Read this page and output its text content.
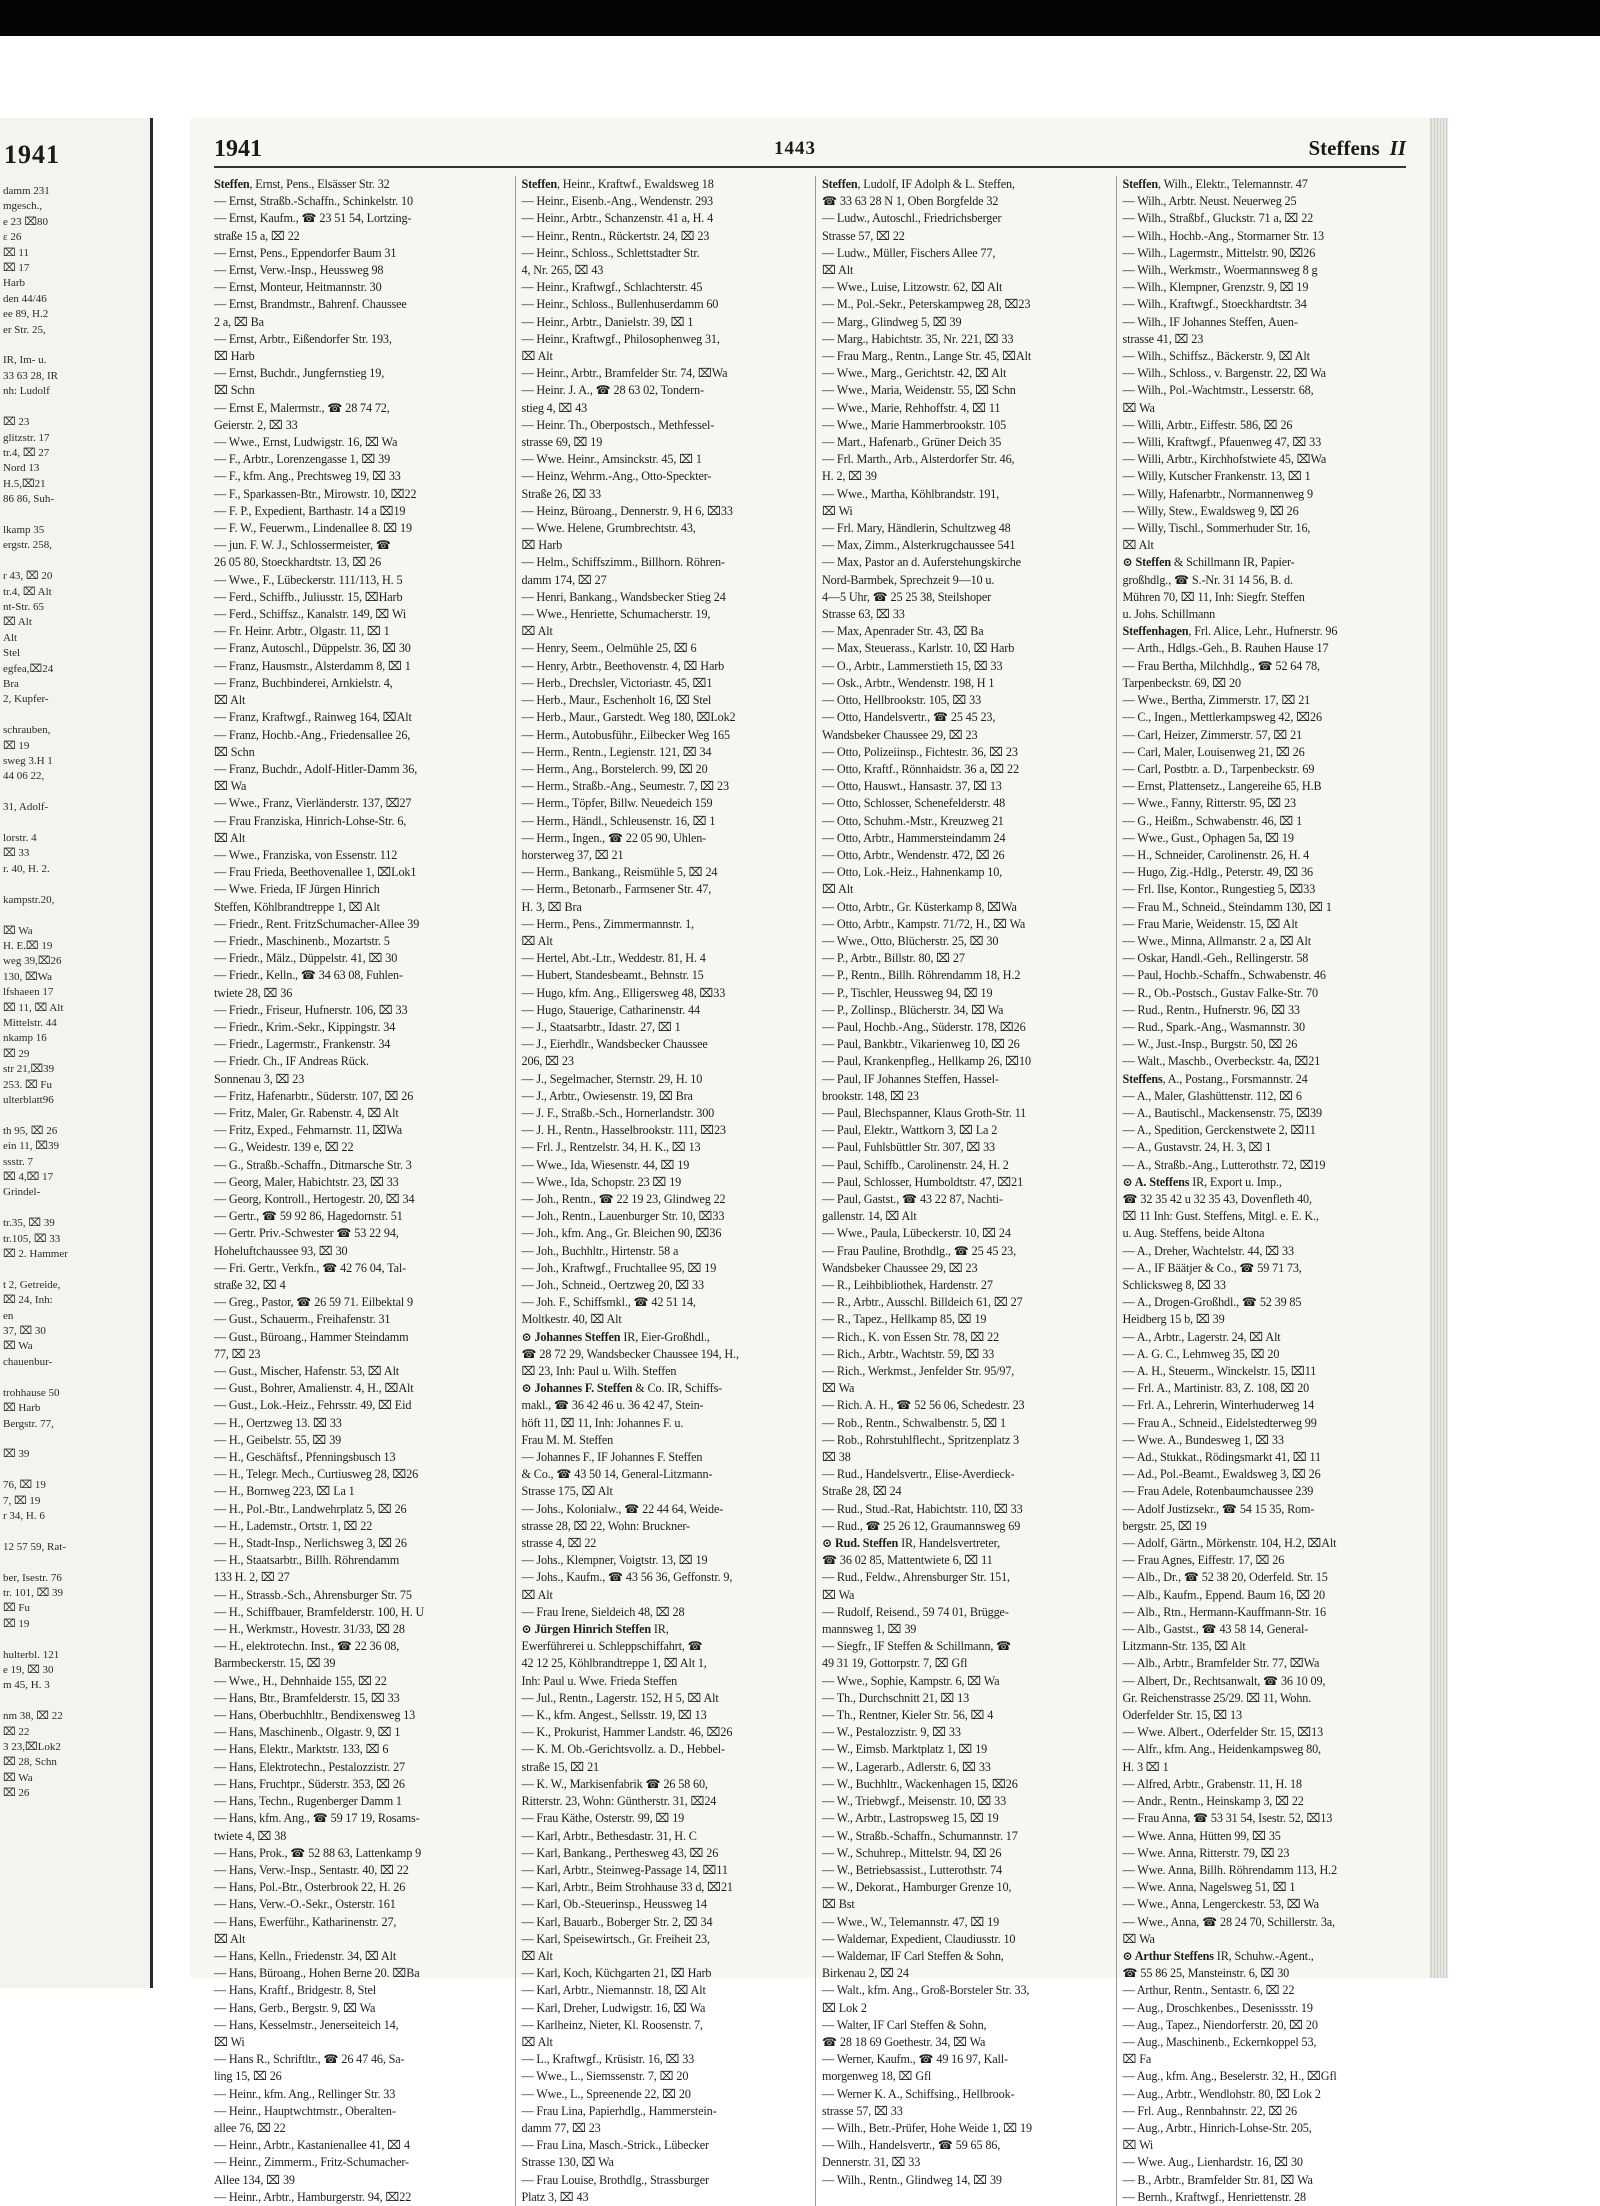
1941
damm 231
mgesch.,
e 23 ⌧80
ε 26
⌧ 11
⌧ 17
Harb
den 44/46
ee 89, H.2
er Str. 25,

IR, Im- u.
33 63 28, IR
nh: Ludolf

⌧ 23
glitzstr. 17
tr.4, ⌧ 27
Nord 13
H.5,⌧21
86 86, Suh-

lkamp 35
ergstr. 258,

r 43, ⌧ 20
tr.4, ⌧ Alt
nt-Str. 65
⌧ Alt
Alt
Stel
egfea,⌧24
Bra
2, Kupfer-

schrauben,
⌧ 19
sweg 3.H 1
44 06 22,

31, Adolf-

lorstr. 4
⌧ 33
r. 40, H. 2.

kampstr.20,

⌧ Wa
H. E.⌧ 19
weg 39,⌧26
130, ⌧Wa
lfshaeen 17
⌧ 11, ⌧ Alt
Mittelstr. 44
nkamp 16
⌧ 29
str 21,⌧39
253. ⌧ Fu
ulterblatt96

th 95, ⌧ 26
ein 11, ⌧39
ssstr. 7
⌧ 4,⌧ 17
Grindel-

tr.35, ⌧ 39
tr.105, ⌧ 33
⌧ 2. Hammer

t 2, Getreide,
⌧ 24, Inh:
en
37, ⌧ 30
⌧ Wa
chauenbur-

trohhause 50
⌧ Harb
Bergstr. 77,

⌧ 39

76, ⌧ 19
7, ⌧ 19
r 34, H. 6

12 57 59, Rat-

ber, Isestr. 76
tr. 101, ⌧ 39
⌧ Fu
⌧ 19

hulterbl. 121
e 19, ⌧ 30
m 45, H. 3

nm 38, ⌧ 22
⌧ 22
3 23,⌧Lok2
⌧ 28, Schn
⌧ Wa
⌧ 26
1941	1443	Steffens II
Steffen, Ernst, Pens., Elsässer Str. 32
— Ernst, Straßb.-Schaffn., Schinkelstr. 10
— Ernst, Kaufm., ☎ 23 51 54, Lortzing-
straße 15 a, ⌧ 22
— Ernst, Pens., Eppendorfer Baum 31
— Ernst, Verw.-Insp., Heussweg 98
— Ernst, Monteur, Heitmannstr. 30
— Ernst, Brandmstr., Bahrenf. Chaussee
2 a, ⌧ Ba
— Ernst, Arbtr., Eißendorfer Str. 193,
⌧ Harb
— Ernst, Buchdr., Jungfernstieg 19,
⌧ Schn
— Ernst E, Malermstr., ☎ 28 74 72,
Geierstr. 2, ⌧ 33
— Wwe., Ernst, Ludwigstr. 16, ⌧ Wa
— F., Arbtr., Lorenzengasse 1, ⌧ 39
— F., kfm. Ang., Prechtsweg 19, ⌧ 33
— F., Sparkassen-Btr., Mirowstr. 10, ⌧22
— F. P., Expedient, Barthastr. 14 a ⌧19
— F. W., Feuerwm., Lindenallee 8. ⌧ 19
— jun. F. W. J., Schlossermeister, ☎
26 05 80, Stoeckhardtstr. 13, ⌧ 26
— Wwe., F., Lübeckerstr. 111/113, H. 5
— Ferd., Schiffb., Juliusstr. 15, ⌧Harb
— Ferd., Schiffsz., Kanalstr. 149, ⌧ Wi
— Fr. Heinr. Arbtr., Olgastr. 11, ⌧ 1
— Franz, Autoschl., Düppelstr. 36, ⌧ 30
— Franz, Hausmstr., Alsterdamm 8, ⌧ 1
— Franz, Buchbinderei, Arnkielstr. 4,
⌧ Alt
— Franz, Kraftwgf., Rainweg 164, ⌧Alt
— Franz, Hochb.-Ang., Friedensallee 26,
⌧ Schn
— Franz, Buchdr., Adolf-Hitler-Damm 36,
⌧ Wa
— Wwe., Franz, Vierländerstr. 137, ⌧27
— Frau Franziska, Hinrich-Lohse-Str. 6,
⌧ Alt
— Wwe., Franziska, von Essenstr. 112
— Frau Frieda, Beethovenallee 1, ⌧Lok1
— Wwe. Frieda, IF Jürgen Hinrich
Steffen, Köhlbrandtreppe 1, ⌧ Alt
— Friedr., Rent. FritzSchumacher-Allee 39
— Friedr., Maschinenb., Mozartstr. 5
— Friedr., Mälz., Düppelstr. 41, ⌧ 30
— Friedr., Kelln., ☎ 34 63 08, Fuhlen-
twiete 28, ⌧ 36
— Friedr., Friseur, Hufnerstr. 106, ⌧ 33
— Friedr., Krim.-Sekr., Kippingstr. 34
— Friedr., Lagermstr., Frankenstr. 34
— Friedr. Ch., IF Andreas Rück.
Sonnenau 3, ⌧ 23
— Fritz, Hafenarbtr., Süderstr. 107, ⌧ 26
— Fritz, Maler, Gr. Rabenstr. 4, ⌧ Alt
— Fritz, Exped., Fehmarnstr. 11, ⌧Wa
— G., Weidestr. 139 e, ⌧ 22
— G., Straßb.-Schaffn., Ditmarsche Str. 3
— Georg, Maler, Habichtstr. 23, ⌧ 33
— Georg, Kontroll., Hertogestr. 20, ⌧ 34
— Gertr., ☎ 59 92 86, Hagedornstr. 51
— Gertr. Priv.-Schwester ☎ 53 22 94,
Hoheluftchaussee 93, ⌧ 30
— Fri. Gertr., Verkfn., ☎ 42 76 04, Tal-
straße 32, ⌧ 4
— Greg., Pastor, ☎ 26 59 71. Eilbektal 9
— Gust., Schauerm., Freihafenstr. 31
— Gust., Büroang., Hammer Steindamm
77, ⌧ 23
— Gust., Mischer, Hafenstr. 53, ⌧ Alt
— Gust., Bohrer, Amalienstr. 4, H., ⌧Alt
— Gust., Lok.-Heiz., Fehrsstr. 49, ⌧ Eid
— H., Oertzweg 13. ⌧ 33
— H., Geibelstr. 55, ⌧ 39
— H., Geschäftsf., Pfenningsbusch 13
— H., Telegr. Mech., Curtiusweg 28, ⌧26
— H., Bornweg 223, ⌧ La 1
— H., Pol.-Btr., Landwehrplatz 5, ⌧ 26
— H., Lademstr., Ortstr. 1, ⌧ 22
— H., Stadt-Insp., Nerlichsweg 3, ⌧ 26
— H., Staatsarbtr., Billh. Röhrendamm
133 H. 2, ⌧ 27
— H., Strassb.-Sch., Ahrensburger Str. 75
— H., Schiffbauer, Bramfelderstr. 100, H. U
— H., Werkmstr., Hovestr. 31/33, ⌧ 28
— H., elektrotechn. Inst., ☎ 22 36 08,
Barmbeckerstr. 15, ⌧ 39
— Wwe., H., Dehnhaide 155, ⌧ 22
— Hans, Btr., Bramfelderstr. 15, ⌧ 33
— Hans, Oberbuchhltr., Bendixensweg 13
— Hans, Maschinenb., Olgastr. 9, ⌧ 1
— Hans, Elektr., Marktstr. 133, ⌧ 6
— Hans, Elektrotechn., Pestalozzistr. 27
— Hans, Fruchtpr., Süderstr. 353, ⌧ 26
— Hans, Techn., Rugenberger Damm 1
— Hans, kfm. Ang., ☎ 59 17 19, Rosams-
twiete 4, ⌧ 38
— Hans, Prok., ☎ 52 88 63, Lattenkamp 9
— Hans, Verw.-Insp., Sentastr. 40, ⌧ 22
— Hans, Pol.-Btr., Osterbrook 22, H. 26
— Hans, Verw.-O.-Sekr., Osterstr. 161
— Hans, Ewerführ., Katharinenstr. 27,
⌧ Alt
— Hans, Kelln., Friedenstr. 34, ⌧ Alt
— Hans, Büroang., Hohen Berne 20. ⌧Ba
— Hans, Kraftf., Bridgestr. 8, Stel
— Hans, Gerb., Bergstr. 9, ⌧ Wa
— Hans, Kesselmstr., Jenerseiteich 14,
⌧ Wi
— Hans R., Schriftltr., ☎ 26 47 46, Sa-
ling 15, ⌧ 26
— Heinr., kfm. Ang., Rellinger Str. 33
— Heinr., Hauptwchtmstr., Oberalten-
allee 76, ⌧ 22
— Heinr., Arbtr., Kastanienallee 41, ⌧ 4
— Heinr., Zimmerm., Fritz-Schumacher-
Allee 134, ⌧ 39
— Heinr., Arbtr., Hamburgerstr. 94, ⌧22
Steffen, Heinr., Kraftwf., Ewaldsweg 18
— Heinr., Eisenb.-Ang., Wendenstr. 293
— Heinr., Arbtr., Schanzenstr. 41 a, H. 4
— Heinr., Rentn., Rückertstr. 24, ⌧ 23
— Heinr., Schloss., Schlettstadter Str.
4, Nr. 265, ⌧ 43
— Heinr., Kraftwgf., Schlachterstr. 45
— Heinr., Schloss., Bullenhuserdamm 60
— Heinr., Arbtr., Danielstr. 39, ⌧ 1
— Heinr., Kraftwgf., Philosophenweg 31,
⌧ Alt
— Heinr., Arbtr., Bramfelder Str. 74, ⌧Wa
— Heinr. J. A., ☎ 28 63 02, Tondern-
stieg 4, ⌧ 43
— Heinr. Th., Oberpostsch., Methfessel-
strasse 69, ⌧ 19
— Wwe. Heinr., Amsinckstr. 45, ⌧ 1
— Heinz, Wehrm.-Ang., Otto-Speckter-
Straße 26, ⌧ 33
— Heinz, Büroang., Dennerstr. 9, H 6, ⌧33
— Wwe. Helene, Grumbrechtstr. 43,
⌧ Harb
— Helm., Schiffszimm., Billhorn. Röhren-
damm 174, ⌧ 27
— Henri, Bankang., Wandsbecker Stieg 24
— Wwe., Henriette, Schumacherstr. 19,
⌧ Alt
— Henry, Seem., Oelmühle 25, ⌧ 6
— Henry, Arbtr., Beethovenstr. 4, ⌧ Harb
— Herb., Drechsler, Victoriastr. 45, ⌧1
— Herb., Maur., Eschenholt 16, ⌧ Stel
— Herb., Maur., Garstedt. Weg 180, ⌧Lok2
— Herm., Autobusführ., Eilbecker Weg 165
— Herm., Rentn., Legienstr. 121, ⌧ 34
— Herm., Ang., Borstelerch. 99, ⌧ 20
— Herm., Straßb.-Ang., Seumestr. 7, ⌧ 23
— Herm., Töpfer, Billw. Neuedeich 159
— Herm., Händl., Schleusenstr. 16, ⌧ 1
— Herm., Ingen., ☎ 22 05 90, Uhlen-
horsterweg 37, ⌧ 21
— Herm., Bankang., Reismühle 5, ⌧ 24
— Herm., Betonarb., Farmsener Str. 47,
H. 3, ⌧ Bra
— Herm., Pens., Zimmermannstr. 1,
⌧ Alt
— Hertel, Abt.-Ltr., Weddestr. 81, H. 4
— Hubert, Standesbeamt., Behnstr. 15
— Hugo, kfm. Ang., Elligersweg 48, ⌧33
— Hugo, Stauerige, Catharinenstr. 44
— J., Staatsarbtr., Idastr. 27, ⌧ 1
— J., Eierhdlr., Wandsbecker Chaussee
206, ⌧ 23
— J., Segelmacher, Sternstr. 29, H. 10
— J., Arbtr., Owiesenstr. 19, ⌧ Bra
— J. F., Straßb.-Sch., Hornerlandstr. 300
— J. H., Rentn., Hasselbrookstr. 111, ⌧23
— Frl. J., Rentzelstr. 34, H. K., ⌧ 13
— Wwe., Ida, Wiesenstr. 44, ⌧ 19
— Wwe., Ida, Schopstr. 23 ⌧ 19
— Joh., Rentn., ☎ 22 19 23, Glindweg 22
— Joh., Rentn., Lauenburger Str. 10, ⌧33
— Joh., kfm. Ang., Gr. Bleichen 90, ⌧36
— Joh., Buchhltr., Hirtenstr. 58 a
— Joh., Kraftwgf., Fruchtallee 95, ⌧ 19
— Joh., Schneid., Oertzweg 20, ⌧ 33
— Joh. F., Schiffsmkl., ☎ 42 51 14,
Moltkestr. 40, ⌧ Alt
⊙ Johannes Steffen IR, Eier-Großhdl.,
☎ 28 72 29, Wandsbecker Chaussee 194, H.,
⌧ 23, Inh: Paul u. Wilh. Steffen
⊙ Johannes F. Steffen & Co. IR, Schiffs-
makl., ☎ 36 42 46 u. 36 42 47, Stein-
höft 11, ⌧ 11, Inh: Johannes F. u.
Frau M. M. Steffen
— Johannes F., IF Johannes F. Steffen
& Co., ☎ 43 50 14, General-Litzmann-
Strasse 175, ⌧ Alt
— Johs., Kolonialw., ☎ 22 44 64, Weide-
strasse 28, ⌧ 22, Wohn: Bruckner-
strasse 4, ⌧ 22
— Johs., Klempner, Voigtstr. 13, ⌧ 19
— Johs., Kaufm., ☎ 43 56 36, Geffonstr. 9,
⌧ Alt
— Frau Irene, Sieldeich 48, ⌧ 28
⊙ Jürgen Hinrich Steffen IR,
Ewerführerei u. Schleppschiffahrt, ☎
42 12 25, Köhlbrandtreppe 1, ⌧ Alt 1,
Inh: Paul u. Wwe. Frieda Steffen
— Jul., Rentn., Lagerstr. 152, H 5, ⌧ Alt
— K., kfm. Angest., Sellsstr. 19, ⌧ 13
— K., Prokurist, Hammer Landstr. 46, ⌧26
— K. M. Ob.-Gerichtsvollz. a. D., Hebbel-
straße 15, ⌧ 21
— K. W., Markisenfabrik ☎ 26 58 60,
Ritterstr. 23, Wohn: Güntherstr. 31, ⌧24
— Frau Käthe, Osterstr. 99, ⌧ 19
— Karl, Arbtr., Bethesdastr. 31, H. C
— Karl, Bankang., Perthesweg 43, ⌧ 26
— Karl, Arbtr., Steinweg-Passage 14, ⌧11
— Karl, Arbtr., Beim Strohhause 33 d, ⌧21
— Karl, Ob.-Steuerinsp., Heussweg 14
— Karl, Bauarb., Boberger Str. 2, ⌧ 34
— Karl, Speisewirtsch., Gr. Freiheit 23,
⌧ Alt
— Karl, Koch, Küchgarten 21, ⌧ Harb
— Karl, Arbtr., Niemannstr. 18, ⌧ Alt
— Karl, Dreher, Ludwigstr. 16, ⌧ Wa
— Karlheinz, Nieter, Kl. Roosenstr. 7,
⌧ Alt
— L., Kraftwgf., Krüsistr. 16, ⌧ 33
— Wwe., L., Siemssenstr. 7, ⌧ 20
— Wwe., L., Spreenende 22, ⌧ 20
— Frau Lina, Papierhdlg., Hammerstein-
damm 77, ⌧ 23
— Frau Lina, Masch.-Strick., Lübecker
Strasse 130, ⌧ Wa
— Frau Louise, Brothdlg., Strassburger
Platz 3, ⌧ 43
Steffen, Ludolf, IF Adolph & L. Steffen,
☎ 33 63 28 N 1, Oben Borgfelde 32
— Ludw., Autoschl., Friedrichsberger
Strasse 57, ⌧ 22
— Ludw., Müller, Fischers Allee 77,
⌧ Alt
— Wwe., Luise, Litzowstr. 62, ⌧ Alt
— M., Pol.-Sekr., Peterskampweg 28, ⌧23
— Marg., Glindweg 5, ⌧ 39
— Marg., Habichtstr. 35, Nr. 221, ⌧ 33
— Frau Marg., Rentn., Lange Str. 45, ⌧Alt
— Wwe., Marg., Gerichtstr. 42, ⌧ Alt
— Wwe., Maria, Weidenstr. 55, ⌧ Schn
— Wwe., Marie, Rehhoffstr. 4, ⌧ 11
— Wwe., Marie Hammerbrookstr. 105
— Mart., Hafenarb., Grüner Deich 35
— Frl. Marth., Arb., Alsterdorfer Str. 46,
H. 2, ⌧ 39
— Wwe., Martha, Köhlbrandstr. 191,
⌧ Wi
— Frl. Mary, Händlerin, Schultzweg 48
— Max, Zimm., Alsterkrugchaussee 541
— Max, Pastor an d. Auferstehungskirche
Nord-Barmbek, Sprechzeit 9—10 u.
4—5 Uhr, ☎ 25 25 38, Steilshoper
Strasse 63, ⌧ 33
— Max, Apenrader Str. 43, ⌧ Ba
— Max, Steuerass., Karlstr. 10, ⌧ Harb
— O., Arbtr., Lammerstieth 15, ⌧ 33
— Osk., Arbtr., Wendenstr. 198, H 1
— Otto, Hellbrookstr. 105, ⌧ 33
— Otto, Handelsvertr., ☎ 25 45 23,
Wandsbeker Chaussee 29, ⌧ 23
— Otto, Polizeiinsp., Fichtestr. 36, ⌧ 23
— Otto, Kraftf., Rönnhaidstr. 36 a, ⌧ 22
— Otto, Hauswt., Hansastr. 37, ⌧ 13
— Otto, Schlosser, Schenefelderstr. 48
— Otto, Schuhm.-Mstr., Kreuzweg 21
— Otto, Arbtr., Hammersteindamm 24
— Otto, Arbtr., Wendenstr. 472, ⌧ 26
— Otto, Lok.-Heiz., Hahnenkamp 10,
⌧ Alt
— Otto, Arbtr., Gr. Küsterkamp 8, ⌧Wa
— Otto, Arbtr., Kampstr. 71/72, H., ⌧ Wa
— Wwe., Otto, Blücherstr. 25, ⌧ 30
— P., Arbtr., Billstr. 80, ⌧ 27
— P., Rentn., Billh. Röhrendamm 18, H.2
— P., Tischler, Heussweg 94, ⌧ 19
— P., Zollinsp., Blücherstr. 34, ⌧ Wa
— Paul, Hochb.-Ang., Süderstr. 178, ⌧26
— Paul, Bankbtr., Vikarienweg 10, ⌧ 26
— Paul, Krankenpfleg., Hellkamp 26, ⌧10
— Paul, IF Johannes Steffen, Hassel-
brookstr. 148, ⌧ 23
— Paul, Blechspanner, Klaus Groth-Str. 11
— Paul, Elektr., Wattkorn 3, ⌧ La 2
— Paul, Fuhlsbüttler Str. 307, ⌧ 33
— Paul, Schiffb., Carolinenstr. 24, H. 2
— Paul, Schlosser, Humboldtstr. 47, ⌧21
— Paul, Gastst., ☎ 43 22 87, Nachti-
gallenstr. 14, ⌧ Alt
— Wwe., Paula, Lübeckerstr. 10, ⌧ 24
— Frau Pauline, Brothdlg., ☎ 25 45 23,
Wandsbeker Chaussee 29, ⌧ 23
— R., Leihbibliothek, Hardenstr. 27
— R., Arbtr., Ausschl. Billdeich 61, ⌧ 27
— R., Tapez., Hellkamp 85, ⌧ 19
— Rich., K. von Essen Str. 78, ⌧ 22
— Rich., Arbtr., Wachtstr. 59, ⌧ 33
— Rich., Werkmst., Jenfelder Str. 95/97,
⌧ Wa
— Rich. A. H., ☎ 52 56 06, Schedestr. 23
— Rob., Rentn., Schwalbenstr. 5, ⌧ 1
— Rob., Rohrstuhlflecht., Spritzenplatz 3
⌧ 38
— Rud., Handelsvertr., Elise-Averdieck-
Straße 28, ⌧ 24
— Rud., Stud.-Rat, Habichtstr. 110, ⌧ 33
— Rud., ☎ 25 26 12, Graumannsweg 69
⊙ Rud. Steffen IR, Handelsvertreter,
☎ 36 02 85, Mattentwiete 6, ⌧ 11
— Rud., Feldw., Ahrensburger Str. 151,
⌧ Wa
— Rudolf, Reisend., 59 74 01, Brügge-
mannsweg 1, ⌧ 39
— Siegfr., IF Steffen & Schillmann, ☎
49 31 19, Gottorpstr. 7, ⌧ Gfl
— Wwe., Sophie, Kampstr. 6, ⌧ Wa
— Th., Durchschnitt 21, ⌧ 13
— Th., Rentner, Kieler Str. 56, ⌧ 4
— W., Pestalozzistr. 9, ⌧ 33
— W., Eimsb. Marktplatz 1, ⌧ 19
— W., Lagerarb., Adlerstr. 6, ⌧ 33
— W., Buchhltr., Wackenhagen 15, ⌧26
— W., Triebwgf., Meisenstr. 10, ⌧ 33
— W., Arbtr., Lastropsweg 15, ⌧ 19
— W., Straßb.-Schaffn., Schumannstr. 17
— W., Schuhrep., Mittelstr. 94, ⌧ 26
— W., Betriebsassist., Lutterothstr. 74
— W., Dekorat., Hamburger Grenze 10,
⌧ Bst
— Wwe., W., Telemannstr. 47, ⌧ 19
— Waldemar, Expedient, Claudiusstr. 10
— Waldemar, IF Carl Steffen & Sohn,
Birkenau 2, ⌧ 24
— Walt., kfm. Ang., Groß-Borsteler Str. 33,
⌧ Lok 2
— Walter, IF Carl Steffen & Sohn,
☎ 28 18 69 Goethestr. 34, ⌧ Wa
— Werner, Kaufm., ☎ 49 16 97, Kall-
morgenweg 18, ⌧ Gfl
— Werner K. A., Schiffsing., Hellbrook-
strasse 57, ⌧ 33
— Wilh., Betr.-Prüfer, Hohe Weide 1, ⌧ 19
— Wilh., Handelsvertr., ☎ 59 65 86,
Dennerstr. 31, ⌧ 33
— Wilh., Rentn., Glindweg 14, ⌧ 39
Steffen, Wilh., Elektr., Telemannstr. 47
— Wilh., Arbtr. Neust. Neuerweg 25
— Wilh., Straßbf., Gluckstr. 71 a, ⌧ 22
— Wilh., Hochb.-Ang., Stormarner Str. 13
— Wilh., Lagermstr., Mittelstr. 90, ⌧26
— Wilh., Werkmstr., Woermannsweg 8 g
— Wilh., Klempner, Grenzstr. 9, ⌧ 19
— Wilh., Kraftwgf., Stoeckhardtstr. 34
— Wilh., IF Johannes Steffen, Auen-
strasse 41, ⌧ 23
— Wilh., Schiffsz., Bäckerstr. 9, ⌧ Alt
— Wilh., Schloss., v. Bargenstr. 22, ⌧ Wa
— Wilh., Pol.-Wachtmstr., Lesserstr. 68,
⌧ Wa
— Willi, Arbtr., Eiffestr. 586, ⌧ 26
— Willi, Kraftwgf., Pfauenweg 47, ⌧ 33
— Willi, Arbtr., Kirchhofstwiete 45, ⌧Wa
— Willy, Kutscher Frankenstr. 13, ⌧ 1
— Willy, Hafenarbtr., Normannenweg 9
— Willy, Stew., Ewaldsweg 9, ⌧ 26
— Willy, Tischl., Sommerhuder Str. 16,
⌧ Alt
⊙ Steffen & Schillmann IR, Papier-
großhdlg., ☎ S.-Nr. 31 14 56, B. d.
Mühren 70, ⌧ 11, Inh: Siegfr. Steffen
u. Johs. Schillmann
Steffenhagen, Frl. Alice, Lehr., Hufnerstr. 96
— Arth., Hdlgs.-Geh., B. Rauhen Hause 17
— Frau Bertha, Milchhdlg., ☎ 52 64 78,
Tarpenbeckstr. 69, ⌧ 20
— Wwe., Bertha, Zimmerstr. 17, ⌧ 21
— C., Ingen., Mettlerkampsweg 42, ⌧26
— Carl, Heizer, Zimmerstr. 57, ⌧ 21
— Carl, Maler, Louisenweg 21, ⌧ 26
— Carl, Postbtr. a. D., Tarpenbeckstr. 69
— Ernst, Plattensetz., Langereihe 65, H.B
— Wwe., Fanny, Ritterstr. 95, ⌧ 23
— G., Heißm., Schwabenstr. 46, ⌧ 1
— Wwe., Gust., Ophagen 5a, ⌧ 19
— H., Schneider, Carolinenstr. 26, H. 4
— Hugo, Zig.-Hdlg., Peterstr. 49, ⌧ 36
— Frl. Ilse, Kontor., Rungestieg 5, ⌧33
— Frau M., Schneid., Steindamm 130, ⌧ 1
— Frau Marie, Weidenstr. 15, ⌧ Alt
— Wwe., Minna, Allmanstr. 2 a, ⌧ Alt
— Oskar, Handl.-Geh., Rellingerstr. 58
— Paul, Hochb.-Schaffn., Schwabenstr. 46
— R., Ob.-Postsch., Gustav Falke-Str. 70
— Rud., Rentn., Hufnerstr. 96, ⌧ 33
— Rud., Spark.-Ang., Wasmannstr. 30
— W., Just.-Insp., Burgstr. 50, ⌧ 26
— Walt., Maschb., Overbeckstr. 4a, ⌧21
Steffens, A., Postang., Forsmannstr. 24
— A., Maler, Glashüttenstr. 112, ⌧ 6
— A., Bautischl., Mackensenstr. 75, ⌧39
— A., Spedition, Gerckenstwete 2, ⌧11
— A., Gustavstr. 24, H. 3, ⌧ 1
— A., Straßb.-Ang., Lutterothstr. 72, ⌧19
⊙ A. Steffens IR, Export u. Imp.,
☎ 32 35 42 u 32 35 43, Dovenfleth 40,
⌧ 11 Inh: Gust. Steffens, Mitgl. e. E. K.,
u. Aug. Steffens, beide Altona
— A., Dreher, Wachtelstr. 44, ⌧ 33
— A., IF Bäätjer & Co., ☎ 59 71 73,
Schlicksweg 8, ⌧ 33
— A., Drogen-Großhdl., ☎ 52 39 85
Heidberg 15 b, ⌧ 39
— A., Arbtr., Lagerstr. 24, ⌧ Alt
— A. G. C., Lehmweg 35, ⌧ 20
— A. H., Steuerm., Winckelstr. 15, ⌧11
— Frl. A., Martinistr. 83, Z. 108, ⌧ 20
— Frl. A., Lehrerin, Winterhuderweg 14
— Frau A., Schneid., Eidelstedterweg 99
— Wwe. A., Bundesweg 1, ⌧ 33
— Ad., Stukkat., Rödingsmarkt 41, ⌧ 11
— Ad., Pol.-Beamt., Ewaldsweg 3, ⌧ 26
— Frau Adele, Rotenbaumchaussee 239
— Adolf Justizsekr., ☎ 54 15 35, Rom-
bergstr. 25, ⌧ 19
— Adolf, Gärtn., Mörkenstr. 104, H.2, ⌧Alt
— Frau Agnes, Eiffestr. 17, ⌧ 26
— Alb., Dr., ☎ 52 38 20, Oderfeld. Str. 15
— Alb., Kaufm., Eppend. Baum 16, ⌧ 20
— Alb., Rtn., Hermann-Kauffmann-Str. 16
— Alb., Gastst., ☎ 43 58 14, General-
Litzmann-Str. 135, ⌧ Alt
— Alb., Arbtr., Bramfelder Str. 77, ⌧Wa
— Albert, Dr., Rechtsanwalt, ☎ 36 10 09,
Gr. Reichenstrasse 25/29. ⌧ 11, Wohn.
Oderfelder Str. 15, ⌧ 13
— Wwe. Albert., Oderfelder Str. 15, ⌧13
— Alfr., kfm. Ang., Heidenkampsweg 80,
H. 3 ⌧ 1
— Alfred, Arbtr., Grabenstr. 11, H. 18
— Andr., Rentn., Heinskamp 3, ⌧ 22
— Frau Anna, ☎ 53 31 54, Isestr. 52, ⌧13
— Wwe. Anna, Hütten 99, ⌧ 35
— Wwe. Anna, Ritterstr. 79, ⌧ 23
— Wwe. Anna, Billh. Röhrendamm 113, H.2
— Wwe. Anna, Nagelsweg 51, ⌧ 1
— Wwe., Anna, Lengerckestr. 53, ⌧ Wa
— Wwe., Anna, ☎ 28 24 70, Schillerstr. 3a,
⌧ Wa
⊙ Arthur Steffens IR, Schuhw.-Agent.,
☎ 55 86 25, Mansteinstr. 6, ⌧ 30
— Arthur, Rentn., Sentastr. 6, ⌧ 22
— Aug., Droschkenbes., Desenissstr. 19
— Aug., Tapez., Niendorferstr. 20, ⌧ 20
— Aug., Maschinenb., Eckernkoppel 53,
⌧ Fa
— Aug., kfm. Ang., Beselerstr. 32, H., ⌧Gfl
— Aug., Arbtr., Wendlohstr. 80, ⌧ Lok 2
— Frl. Aug., Rennbahnstr. 22, ⌧ 26
— Aug., Arbtr., Hinrich-Lohse-Str. 205,
⌧ Wi
— Wwe. Aug., Lienhardstr. 16, ⌧ 30
— B., Arbtr., Bramfelder Str. 81, ⌧ Wa
— Bernh., Kraftwgf., Henriettenstr. 28
